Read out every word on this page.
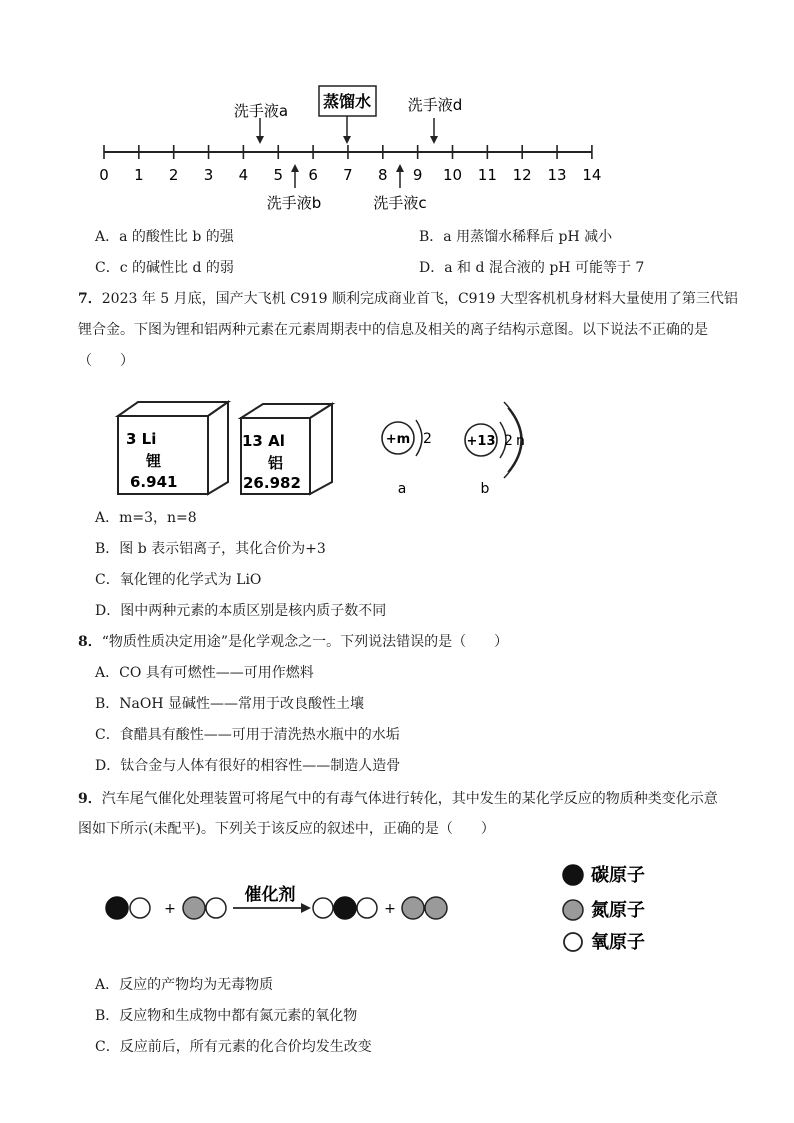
0 1 2 3 4 5 6 7 8 9 10 11 12 13 14
蒸馏水
洗手液a	洗手液d
洗手液b	洗手液c
A．a 的酸性比 b 的强	B．a 用蒸馏水稀释后 pH 减小
C．c 的碱性比 d 的弱	D．a 和 d 混合液的 pH 可能等于 7
7．2023 年 5 月底，国产大飞机 C919 顺利完成商业首飞，C919 大型客机机身材料大量使用了第三代铝
锂合金。下图为锂和铝两种元素在元素周期表中的信息及相关的离子结构示意图。以下说法不正确的是
（　　）
3 Li
锂
6.941
13 Al
铝
26.982
+m 2
a
+13 2 n
b
A．m=3，n=8
B．图 b 表示铝离子，其化合价为+3
C．氧化锂的化学式为 LiO
D．图中两种元素的本质区别是核内质子数不同
8．“物质性质决定用途”是化学观念之一。下列说法错误的是（　　）
A．CO 具有可燃性——可用作燃料
B．NaOH 显碱性——常用于改良酸性土壤
C．食醋具有酸性——可用于清洗热水瓶中的水垢
D．钛合金与人体有很好的相容性——制造人造骨
9．汽车尾气催化处理装置可将尾气中的有毒气体进行转化，其中发生的某化学反应的物质种类变化示意
图如下所示(未配平)。下列关于该反应的叙述中，正确的是（　　）
+
催化剂
+
碳原子
氮原子
氧原子
A．反应的产物均为无毒物质
B．反应物和生成物中都有氮元素的氧化物
C．反应前后，所有元素的化合价均发生改变
